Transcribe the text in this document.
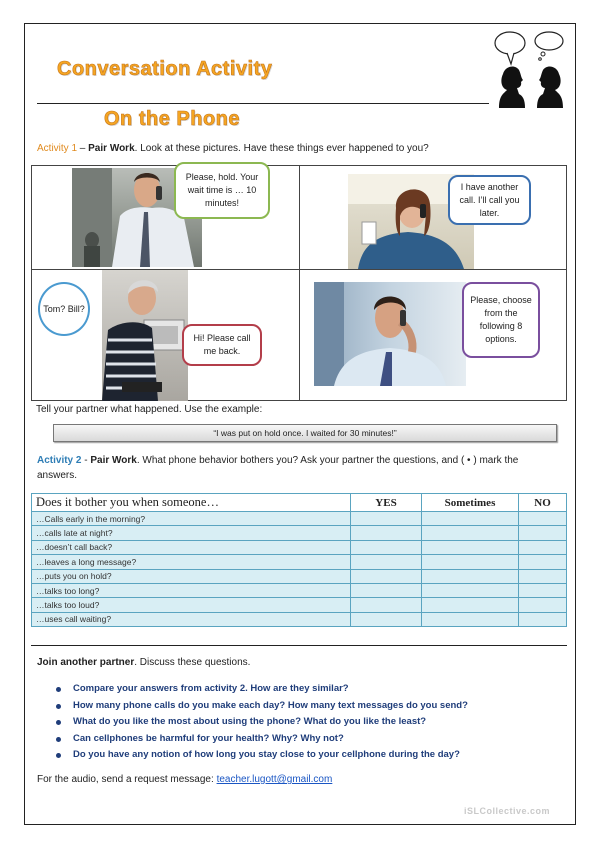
Conversation Activity
On the Phone
Activity 1 – Pair Work. Look at these pictures. Have these things ever happened to you?
Please, hold. Your wait time is … 10 minutes!
I have another call. I’ll call you later.
Tom? Bill?
Hi! Please call me back.
Please, choose from the following 8 options.
Tell your partner what happened. Use the example:
“I was put on hold once. I waited for 30 minutes!”
Activity 2 - Pair Work. What phone behavior bothers you? Ask your partner the questions, and ( • ) mark the answers.
Does it bother you when someone…	YES	Sometimes	NO
…Calls early in the morning?			
…calls late at night?			
…doesn’t call back?			
…leaves a long message?			
…puts you on hold?			
…talks too long?			
…talks too loud?			
…uses call waiting?			
Join another partner. Discuss these questions.
Compare your answers from activity 2. How are they similar?
How many phone calls do you make each day? How many text messages do you send?
What do you like the most about using the phone? What do you like the least?
Can cellphones be harmful for your health? Why? Why not?
Do you have any notion of how long you stay close to your cellphone during the day?
For the audio, send a request message: teacher.lugott@gmail.com
iSLCollective.com
